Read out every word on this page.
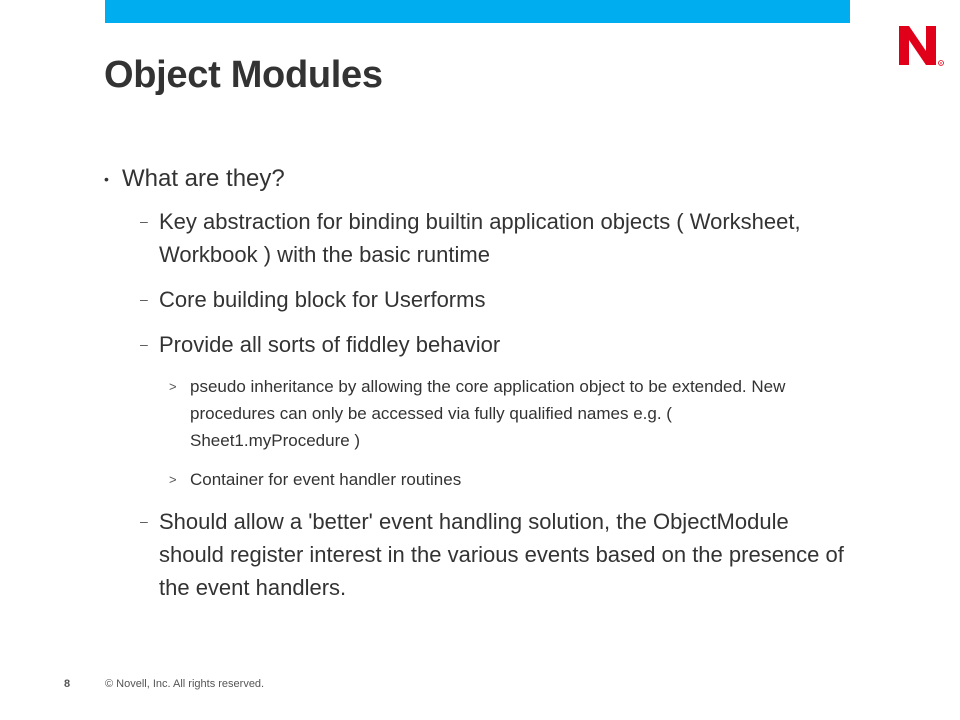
R
Object Modules
• What are they?
– Key abstraction for binding builtin application objects ( Worksheet, Workbook ) with the basic runtime
– Core building block for Userforms
– Provide all sorts of fiddley behavior
> pseudo inheritance by allowing the core application object to be extended. New procedures can only be accessed via fully qualified names e.g. ( Sheet1.myProcedure )
> Container for event handler routines
– Should allow a 'better' event handling solution, the ObjectModule should register interest in the various events based on the presence of the event handlers.
8	© Novell, Inc. All rights reserved.
